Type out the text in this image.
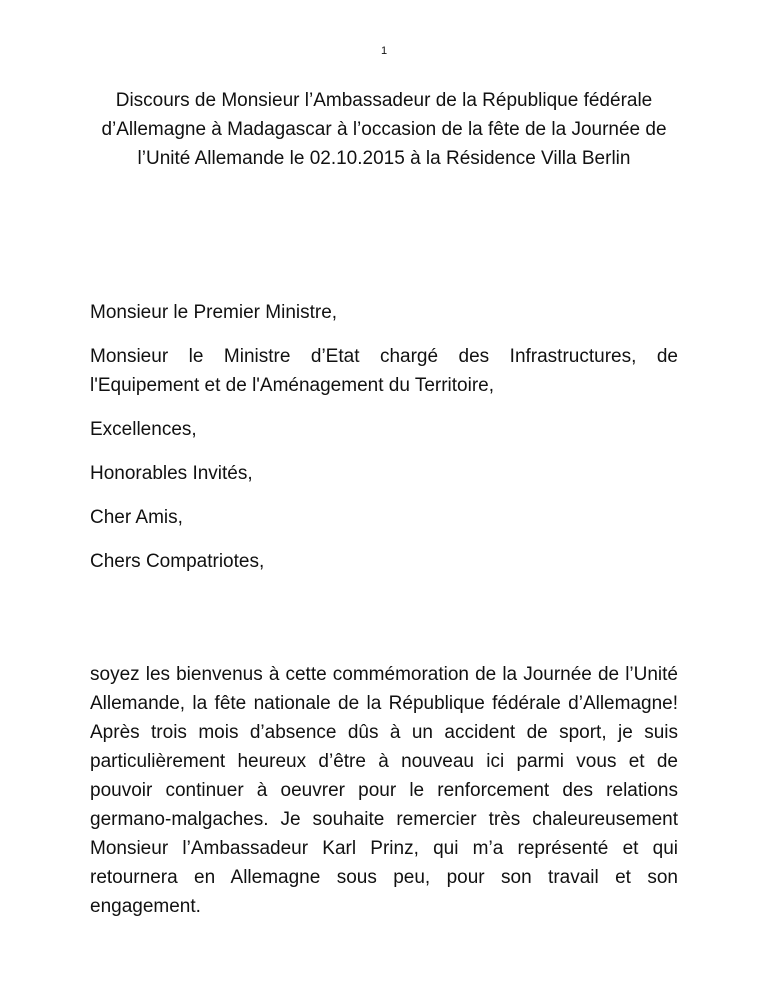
1
Discours de Monsieur l’Ambassadeur de la République fédérale d’Allemagne à Madagascar à l’occasion de la fête de la Journée de l’Unité Allemande le 02.10.2015 à la Résidence Villa Berlin

Monsieur le Premier Ministre,

Monsieur le Ministre d’Etat chargé des Infrastructures, de l'Equipement et de l'Aménagement du Territoire,

Excellences,

Honorables Invités,

Cher Amis,

Chers Compatriotes,

soyez les bienvenus à cette commémoration de la Journée de l’Unité Allemande, la fête nationale de la République fédérale d’Allemagne! Après trois mois d’absence dûs à un accident de sport, je suis particulièrement heureux d’être à nouveau ici parmi vous et de pouvoir continuer à oeuvrer pour le renforcement des relations germano-malgaches. Je souhaite remercier très chaleureusement Monsieur l’Ambassadeur Karl Prinz, qui m’a représenté et qui retournera en Allemagne sous peu, pour son travail et son engagement.
